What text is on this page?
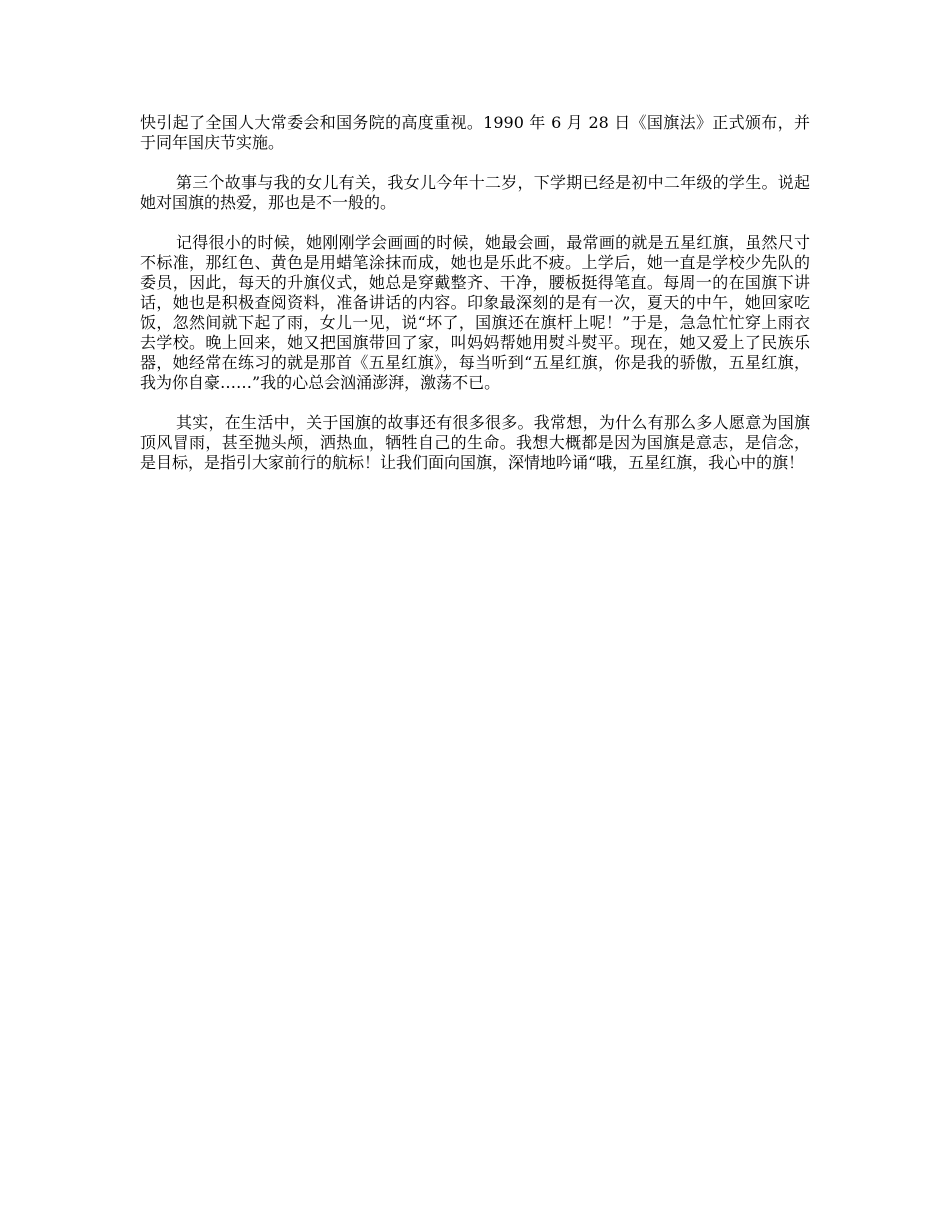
快引起了全国人大常委会和国务院的高度重视。1990 年 6 月 28 日《国旗法》正式颁布，并于同年国庆节实施。

第三个故事与我的女儿有关，我女儿今年十二岁，下学期已经是初中二年级的学生。说起她对国旗的热爱，那也是不一般的。

记得很小的时候，她刚刚学会画画的时候，她最会画，最常画的就是五星红旗，虽然尺寸不标准，那红色、黄色是用蜡笔涂抹而成，她也是乐此不疲。上学后，她一直是学校少先队的委员，因此，每天的升旗仪式，她总是穿戴整齐、干净，腰板挺得笔直。每周一的在国旗下讲话，她也是积极查阅资料，准备讲话的内容。印象最深刻的是有一次，夏天的中午，她回家吃饭，忽然间就下起了雨，女儿一见，说“坏了，国旗还在旗杆上呢！”于是，急急忙忙穿上雨衣去学校。晚上回来，她又把国旗带回了家，叫妈妈帮她用熨斗熨平。现在，她又爱上了民族乐器，她经常在练习的就是那首《五星红旗》，每当听到“五星红旗，你是我的骄傲，五星红旗，我为你自豪……”我的心总会汹涌澎湃，激荡不已。

其实，在生活中，关于国旗的故事还有很多很多。我常想，为什么有那么多人愿意为国旗顶风冒雨，甚至抛头颅，洒热血，牺牲自己的生命。我想大概都是因为国旗是意志，是信念，是目标，是指引大家前行的航标！让我们面向国旗，深情地吟诵“哦，五星红旗，我心中的旗！
